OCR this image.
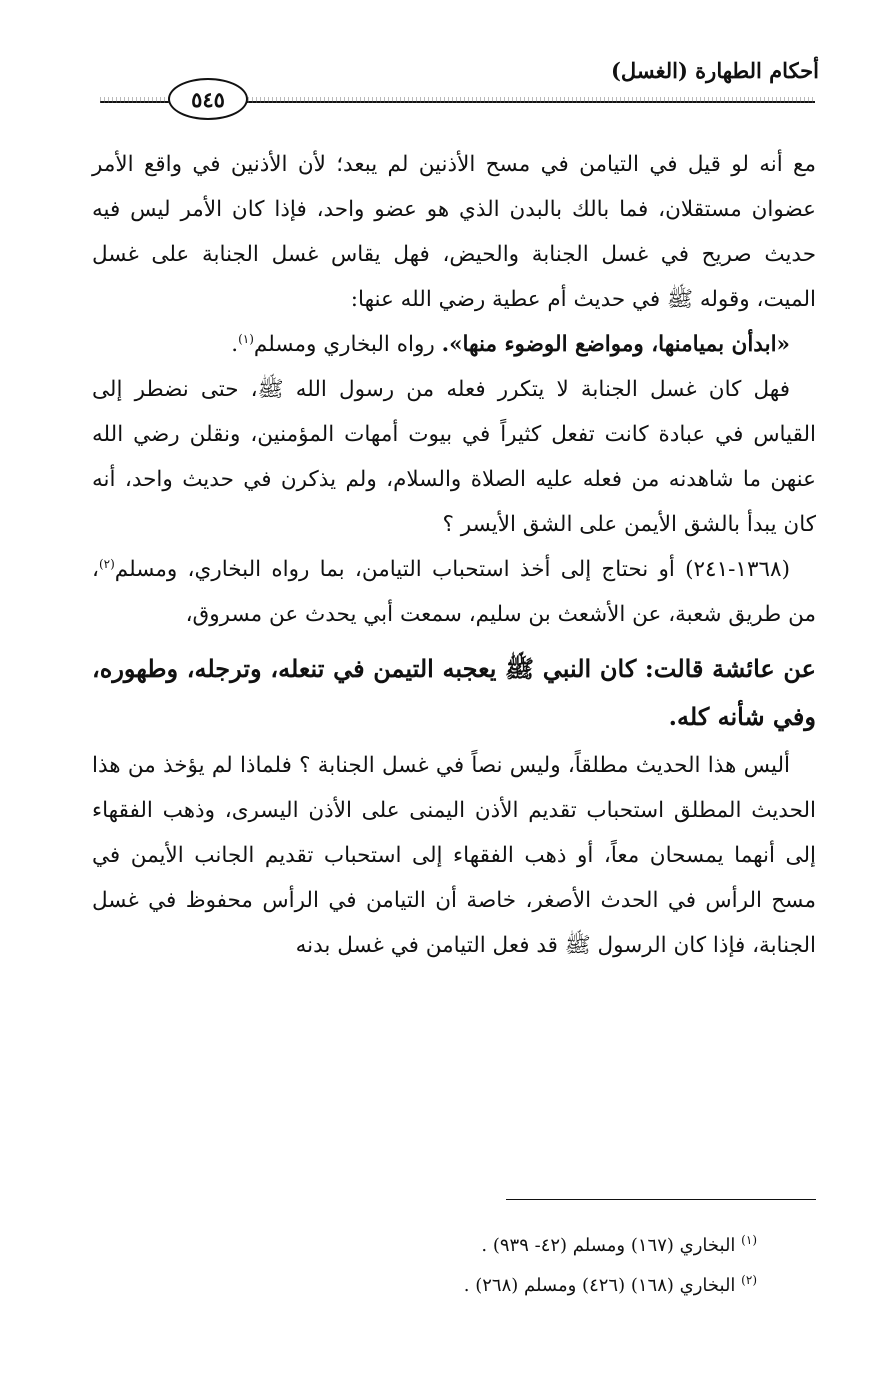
أحكام الطهارة (الغسل)
٥٤٥

مع أنه لو قيل في التيامن في مسح الأذنين لم يبعد؛ لأن الأذنين في واقع الأمر عضوان مستقلان، فما بالك بالبدن الذي هو عضو واحد، فإذا كان الأمر ليس فيه حديث صريح في غسل الجنابة والحيض، فهل يقاس غسل الجنابة على غسل الميت، وقوله ﷺ في حديث أم عطية رضي الله عنها:

«ابدأن بميامنها، ومواضع الوضوء منها». رواه البخاري ومسلم$^{(١)}$.

فهل كان غسل الجنابة لا يتكرر فعله من رسول الله ﷺ، حتى نضطر إلى القياس في عبادة كانت تفعل كثيراً في بيوت أمهات المؤمنين، ونقلن رضي الله عنهن ما شاهدنه من فعله عليه الصلاة والسلام، ولم يذكرن في حديث واحد، أنه كان يبدأ بالشق الأيمن على الشق الأيسر ؟

(١٣٦٨-٢٤١) أو نحتاج إلى أخذ استحباب التيامن، بما رواه البخاري، ومسلم$^{(٢)}$، من طريق شعبة، عن الأشعث بن سليم، سمعت أبي يحدث عن مسروق،

عن عائشة قالت: كان النبي ﷺ يعجبه التيمن في تنعله، وترجله، وطهوره، وفي شأنه كله.

أليس هذا الحديث مطلقاً، وليس نصاً في غسل الجنابة ؟ فلماذا لم يؤخذ من هذا الحديث المطلق استحباب تقديم الأذن اليمنى على الأذن اليسرى، وذهب الفقهاء إلى أنهما يمسحان معاً، أو ذهب الفقهاء إلى استحباب تقديم الجانب الأيمن في مسح الرأس في الحدث الأصغر، خاصة أن التيامن في الرأس محفوظ في غسل الجنابة، فإذا كان الرسول ﷺ قد فعل التيامن في غسل بدنه

$^{(١)}$ البخاري (١٦٧) ومسلم (٤٢- ٩٣٩) .
$^{(٢)}$ البخاري (١٦٨) (٤٢٦) ومسلم (٢٦٨) .
